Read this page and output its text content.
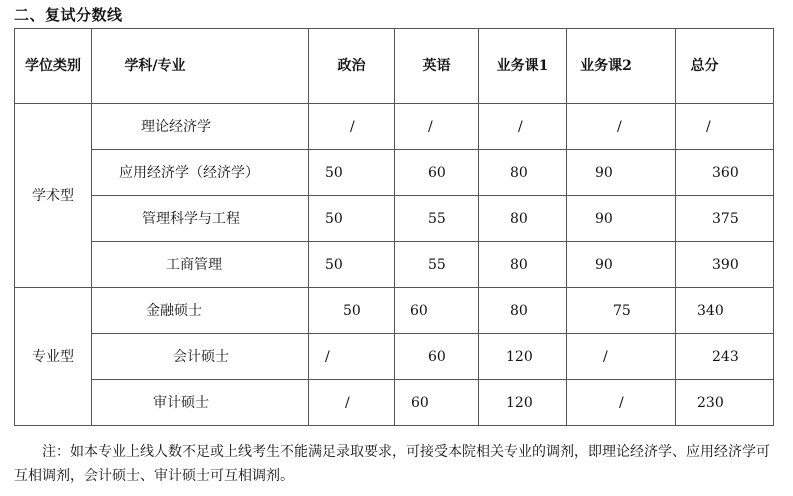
二、复试分数线
学位类别	学科/专业	政治	英语	业务课1	业务课2	总分

学术型	理论经济学	/	/	/	/	/

	应用经济学（经济学）	50	60	80	90	360

	管理科学与工程	50	55	80	90	375

	工商管理	50	55	80	90	390

专业型	金融硕士	50	60	80	75	340

	会计硕士	/	60	120	/	243

	审计硕士	/	60	120	/	230
注：如本专业上线人数不足或上线考生不能满足录取要求，可接受本院相关专业的调剂，即理论经济学、应用经济学可互相调剂，会计硕士、审计硕士可互相调剂。
